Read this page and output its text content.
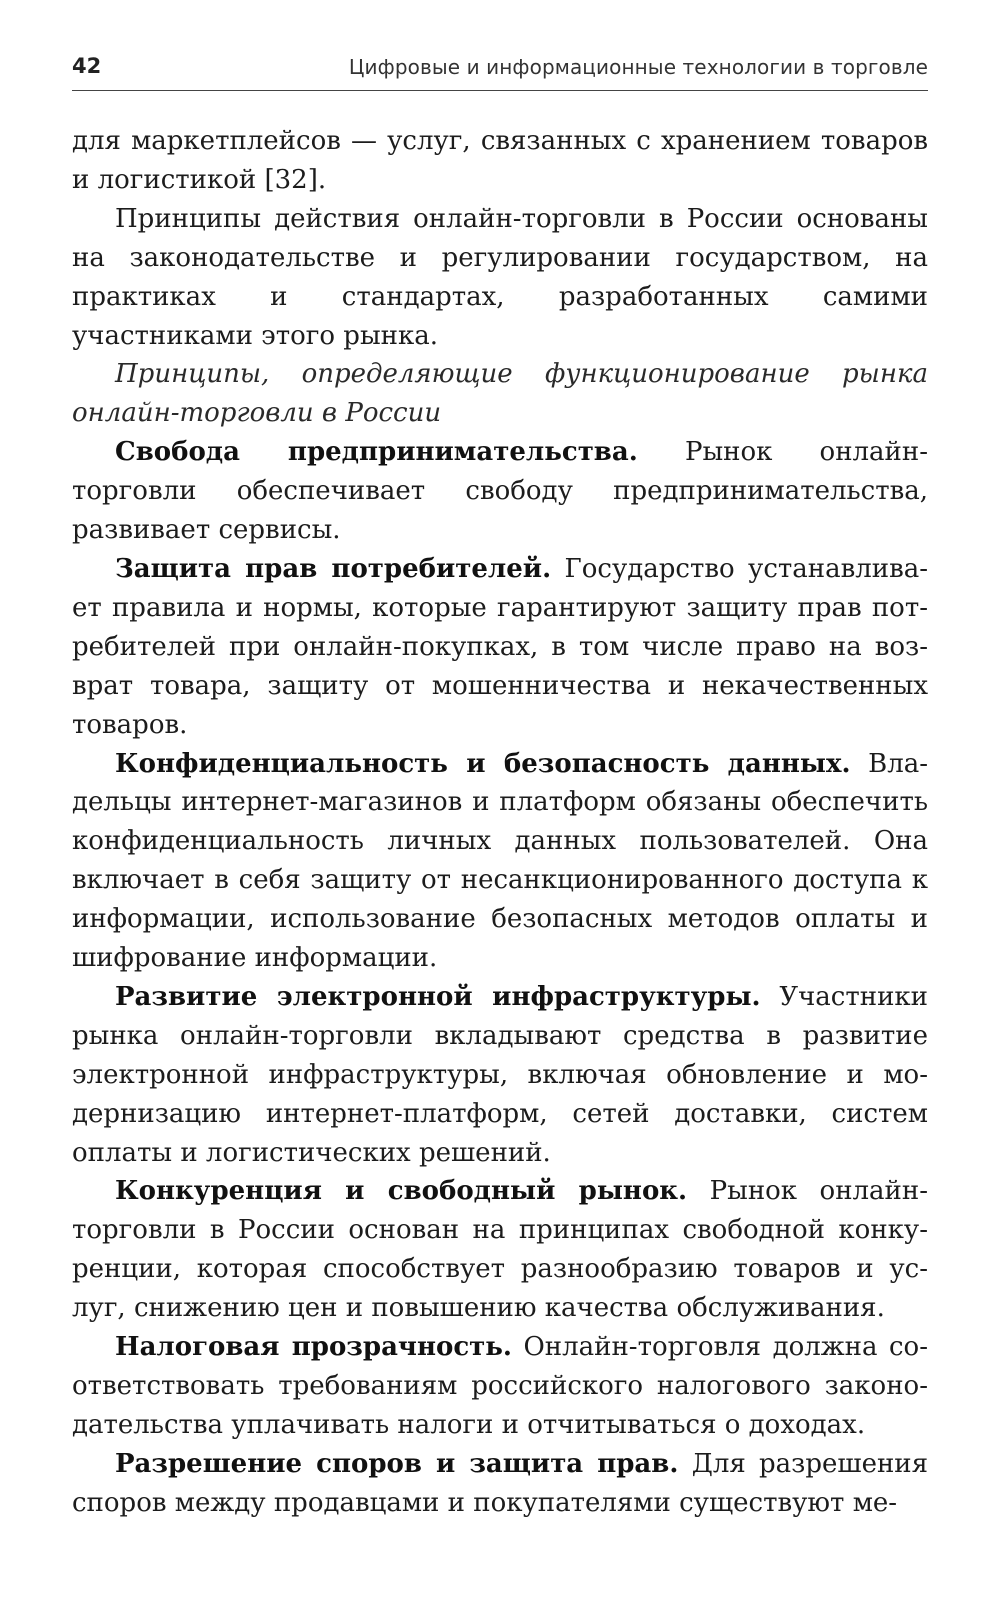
42	Цифровые и информационные технологии в торговле

для маркетплейсов — услуг, связанных с хранением товаров и логистикой [32].

Принципы действия онлайн-торговли в России основаны на законодательстве и регулировании государством, на практиках и стандартах, разработанных самими участниками этого рынка.

Принципы, определяющие функционирование рынка онлайн-торговли в России

Свобода предпринимательства. Рынок онлайн-торговли обеспечивает свободу предпринимательства, развивает сервисы.

Защита прав потребителей. Государство устанавливает правила и нормы, которые гарантируют защиту прав потребителей при онлайн-покупках, в том числе право на возврат товара, защиту от мошенничества и некачественных товаров.

Конфиденциальность и безопасность данных. Владельцы интернет-магазинов и платформ обязаны обеспечить конфиденциальность личных данных пользователей. Она включает в себя защиту от несанкционированного доступа к информации, использование безопасных методов оплаты и шифрование информации.

Развитие электронной инфраструктуры. Участники рынка онлайн-торговли вкладывают средства в развитие электронной инфраструктуры, включая обновление и модернизацию интернет-платформ, сетей доставки, систем оплаты и логистических решений.

Конкуренция и свободный рынок. Рынок онлайн-торговли в России основан на принципах свободной конкуренции, которая способствует разнообразию товаров и услуг, снижению цен и повышению качества обслуживания.

Налоговая прозрачность. Онлайн-торговля должна соответствовать требованиям российского налогового законодательства уплачивать налоги и отчитываться о доходах.

Разрешение споров и защита прав. Для разрешения споров между продавцами и покупателями существуют ме-
